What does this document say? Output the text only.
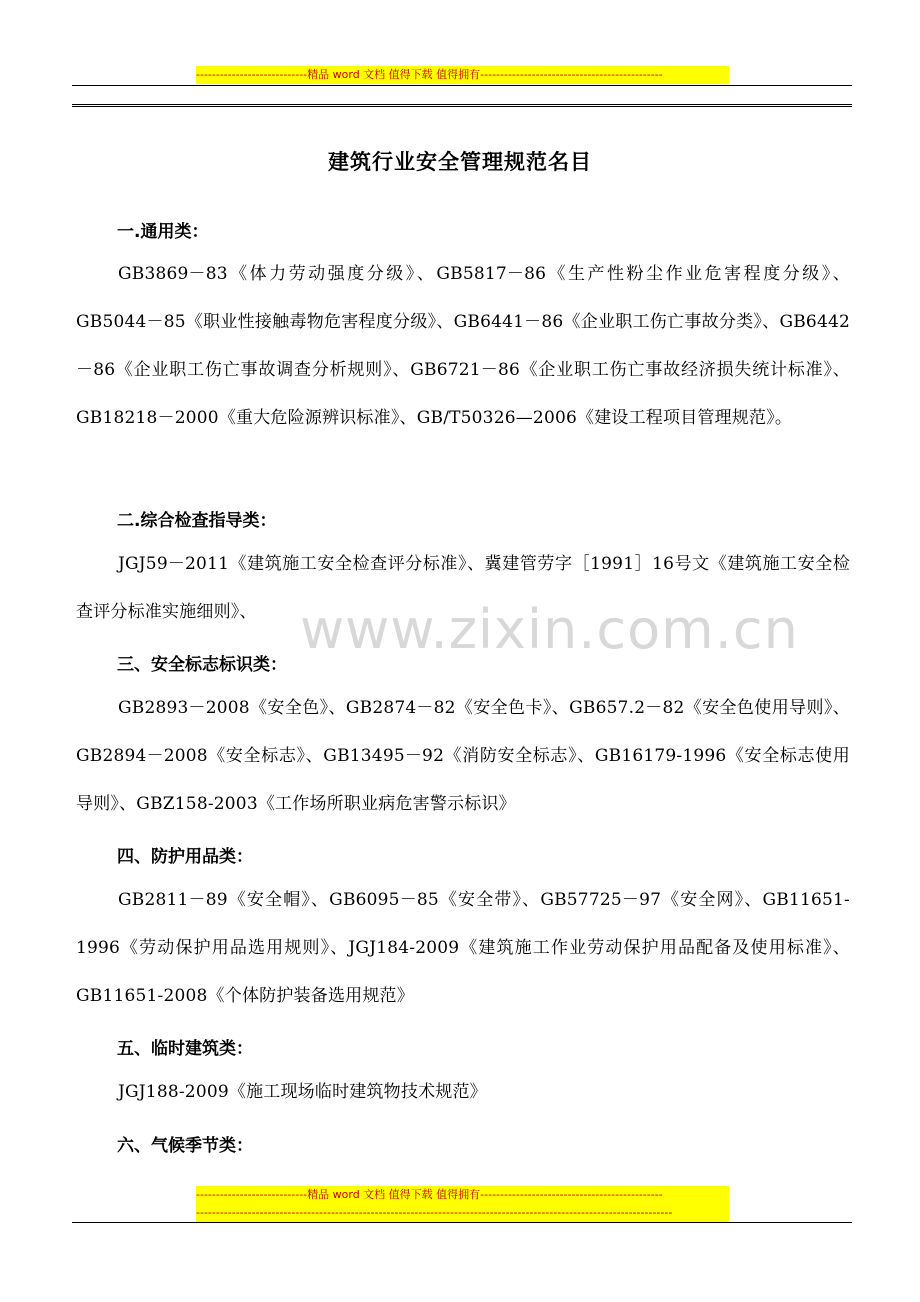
----------------------------精品 word 文档 值得下载 值得拥有----------------------------------------------
www.zixin.com.cn
建筑行业安全管理规范名目
一.通用类：
GB3869－83《体力劳动强度分级》、GB5817－86《生产性粉尘作业危害程度分级》、GB5044－85《职业性接触毒物危害程度分级》、GB6441－86《企业职工伤亡事故分类》、GB6442－86《企业职工伤亡事故调查分析规则》、GB6721－86《企业职工伤亡事故经济损失统计标准》、GB18218－2000《重大危险源辨识标准》、GB/T50326—2006《建设工程项目管理规范》。
二.综合检查指导类：
JGJ59－2011《建筑施工安全检查评分标准》、冀建管劳字［1991］16号文《建筑施工安全检查评分标准实施细则》、
三、安全标志标识类：
GB2893－2008《安全色》、GB2874－82《安全色卡》、GB657.2－82《安全色使用导则》、GB2894－2008《安全标志》、GB13495－92《消防安全标志》、GB16179-1996《安全标志使用导则》、GBZ158-2003《工作场所职业病危害警示标识》
四、防护用品类：
GB2811－89《安全帽》、GB6095－85《安全带》、GB57725－97《安全网》、GB11651-1996《劳动保护用品选用规则》、JGJ184-2009《建筑施工作业劳动保护用品配备及使用标准》、GB11651-2008《个体防护装备选用规范》
五、临时建筑类：
JGJ188-2009《施工现场临时建筑物技术规范》
六、气候季节类：
----------------------------精品 word 文档 值得下载 值得拥有----------------------------------------------
------------------------------------------------------------------------------------------------------------------------
